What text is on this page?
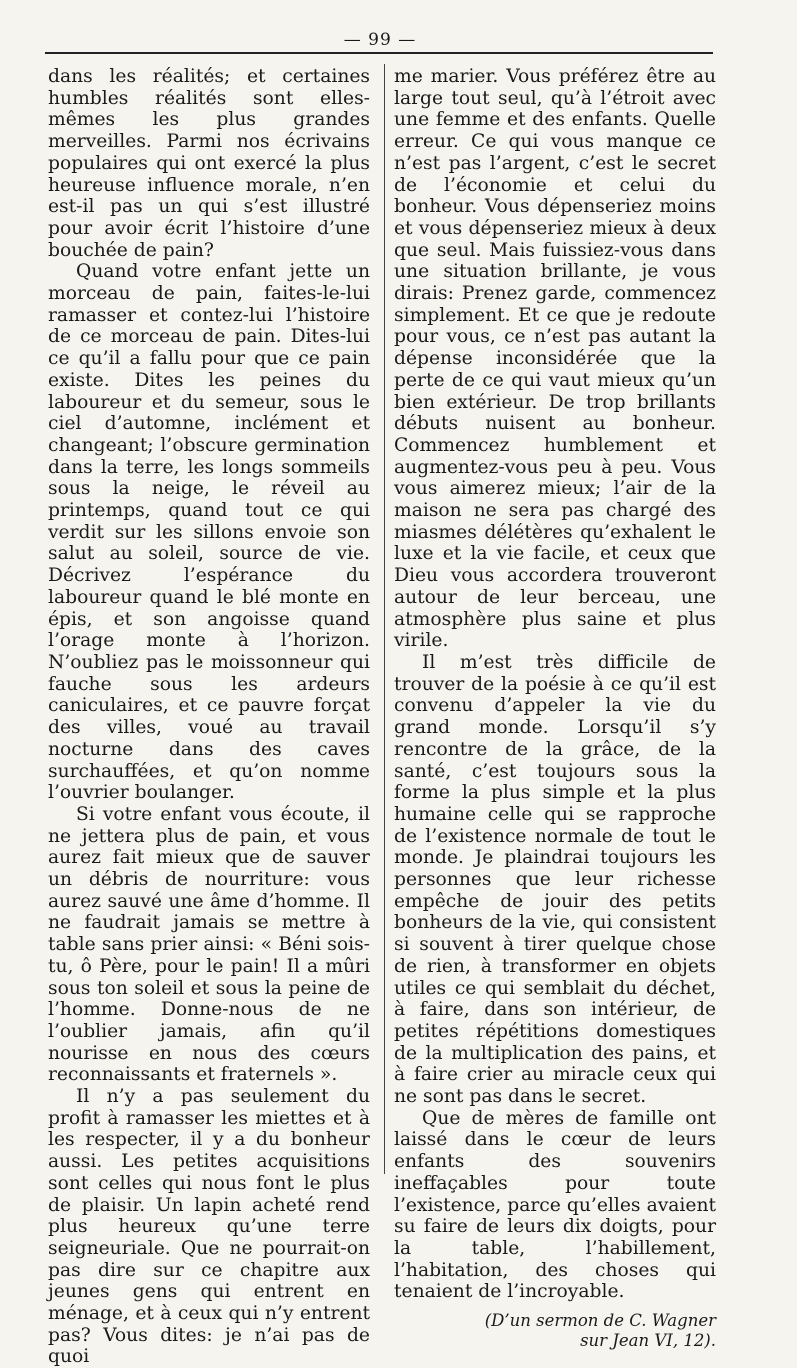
— 99 —

dans les réalités; et certaines humbles réalités sont elles-mêmes les plus grandes merveilles. Parmi nos écrivains populaires qui ont exercé la plus heureuse influence morale, n’en est-il pas un qui s’est illustré pour avoir écrit l’histoire d’une bouchée de pain?

Quand votre enfant jette un morceau de pain, faites-le-lui ramasser et contez-lui l’histoire de ce morceau de pain. Dites-lui ce qu’il a fallu pour que ce pain existe. Dites les peines du laboureur et du semeur, sous le ciel d’automne, inclément et changeant; l’obscure germination dans la terre, les longs sommeils sous la neige, le réveil au printemps, quand tout ce qui verdit sur les sillons envoie son salut au soleil, source de vie. Décrivez l’espérance du laboureur quand le blé monte en épis, et son angoisse quand l’orage monte à l’horizon. N’oubliez pas le moissonneur qui fauche sous les ardeurs caniculaires, et ce pauvre forçat des villes, voué au travail nocturne dans des caves surchauffées, et qu’on nomme l’ouvrier boulanger.

Si votre enfant vous écoute, il ne jettera plus de pain, et vous aurez fait mieux que de sauver un débris de nourriture: vous aurez sauvé une âme d’homme. Il ne faudrait jamais se mettre à table sans prier ainsi: « Béni sois-tu, ô Père, pour le pain! Il a mûri sous ton soleil et sous la peine de l’homme. Donne-nous de ne l’oublier jamais, afin qu’il nourisse en nous des cœurs reconnaissants et fraternels ».

Il n’y a pas seulement du profit à ramasser les miettes et à les respecter, il y a du bonheur aussi. Les petites acquisitions sont celles qui nous font le plus de plaisir. Un lapin acheté rend plus heureux qu’une terre seigneuriale. Que ne pourrait-on pas dire sur ce chapitre aux jeunes gens qui entrent en ménage, et à ceux qui n’y entrent pas? Vous dites: je n’ai pas de quoi

me marier. Vous préférez être au large tout seul, qu’à l’étroit avec une femme et des enfants. Quelle erreur. Ce qui vous manque ce n’est pas l’argent, c’est le secret de l’économie et celui du bonheur. Vous dépenseriez moins et vous dépenseriez mieux à deux que seul. Mais fuissiez-vous dans une situation brillante, je vous dirais: Prenez garde, commencez simplement. Et ce que je redoute pour vous, ce n’est pas autant la dépense inconsidérée que la perte de ce qui vaut mieux qu’un bien extérieur. De trop brillants débuts nuisent au bonheur. Commencez humblement et augmentez-vous peu à peu. Vous vous aimerez mieux; l’air de la maison ne sera pas chargé des miasmes délétères qu’exhalent le luxe et la vie facile, et ceux que Dieu vous accordera trouveront autour de leur berceau, une atmosphère plus saine et plus virile.

Il m’est très difficile de trouver de la poésie à ce qu’il est convenu d’appeler la vie du grand monde. Lorsqu’il s’y rencontre de la grâce, de la santé, c’est toujours sous la forme la plus simple et la plus humaine celle qui se rapproche de l’existence normale de tout le monde. Je plaindrai toujours les personnes que leur richesse empêche de jouir des petits bonheurs de la vie, qui consistent si souvent à tirer quelque chose de rien, à transformer en objets utiles ce qui semblait du déchet, à faire, dans son intérieur, de petites répétitions domestiques de la multiplication des pains, et à faire crier au miracle ceux qui ne sont pas dans le secret.

Que de mères de famille ont laissé dans le cœur de leurs enfants des souvenirs ineffaçables pour toute l’existence, parce qu’elles avaient su faire de leurs dix doigts, pour la table, l’habillement, l’habitation, des choses qui tenaient de l’incroyable.

(D’un sermon de C. Wagner
sur Jean VI, 12).
